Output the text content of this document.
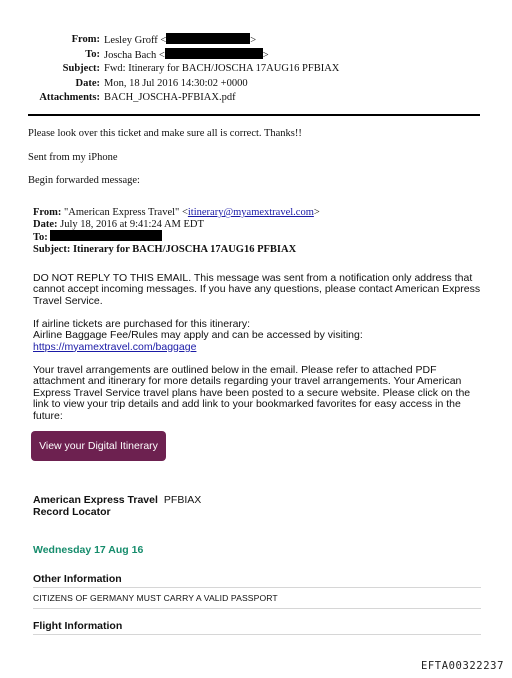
From: Lesley Groff <	>
To: Joscha Bach <	>
Subject: Fwd: Itinerary for BACH/JOSCHA 17AUG16 PFBIAX
Date: Mon, 18 Jul 2016 14:30:02 +0000
Attachments: BACH_JOSCHA-PFBIAX.pdf
Please look over this ticket and make sure all is correct. Thanks!!
Sent from my iPhone
Begin forwarded message:
From: "American Express Travel" <itinerary@myamextravel.com>
Date: July 18, 2016 at 9:41:24 AM EDT
To:
Subject: Itinerary for BACH/JOSCHA 17AUG16 PFBIAX
DO NOT REPLY TO THIS EMAIL. This message was sent from a notification only address that cannot accept incoming messages. If you have any questions, please contact American Express Travel Service.
If airline tickets are purchased for this itinerary:
Airline Baggage Fee/Rules may apply and can be accessed by visiting:
https://myamextravel.com/baggage
Your travel arrangements are outlined below in the email. Please refer to attached PDF attachment and itinerary for more details regarding your travel arrangements. Your American Express Travel Service travel plans have been posted to a secure website. Please click on the link to view your trip details and add link to your bookmarked favorites for easy access in the future:
View your Digital Itinerary
American Express Travel PFBIAX
Record Locator
Wednesday 17 Aug 16
Other Information
CITIZENS OF GERMANY MUST CARRY A VALID PASSPORT
Flight Information
EFTA00322237
